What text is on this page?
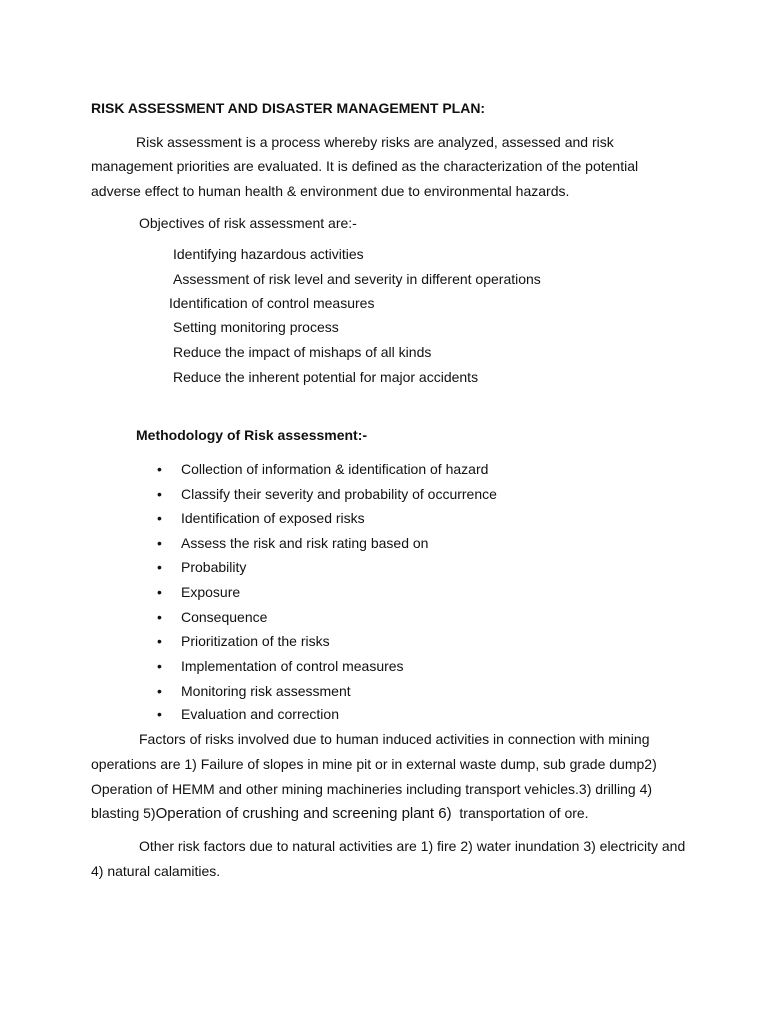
RISK ASSESSMENT AND DISASTER MANAGEMENT PLAN:
Risk assessment is a process whereby risks are analyzed, assessed and risk
management priorities are evaluated. It is defined as the characterization of the potential
adverse effect to human health & environment due to environmental hazards.
Objectives of risk assessment are:-
Identifying hazardous activities
Assessment of risk level and severity in different operations
Identification of control measures
Setting monitoring process
Reduce the impact of mishaps of all kinds
Reduce the inherent potential for major accidents
Methodology of Risk assessment:-
• Collection of information & identification of hazard
• Classify their severity and probability of occurrence
• Identification of exposed risks
• Assess the risk and risk rating based on
• Probability
• Exposure
• Consequence
• Prioritization of the risks
• Implementation of control measures
• Monitoring risk assessment
• Evaluation and correction
Factors of risks involved due to human induced activities in connection with mining
operations are 1) Failure of slopes in mine pit or in external waste dump, sub grade dump2)
Operation of HEMM and other mining machineries including transport vehicles.3) drilling 4)
blasting 5)Operation of crushing and screening plant 6)  transportation of ore.
Other risk factors due to natural activities are 1) fire 2) water inundation 3) electricity and
4) natural calamities.
